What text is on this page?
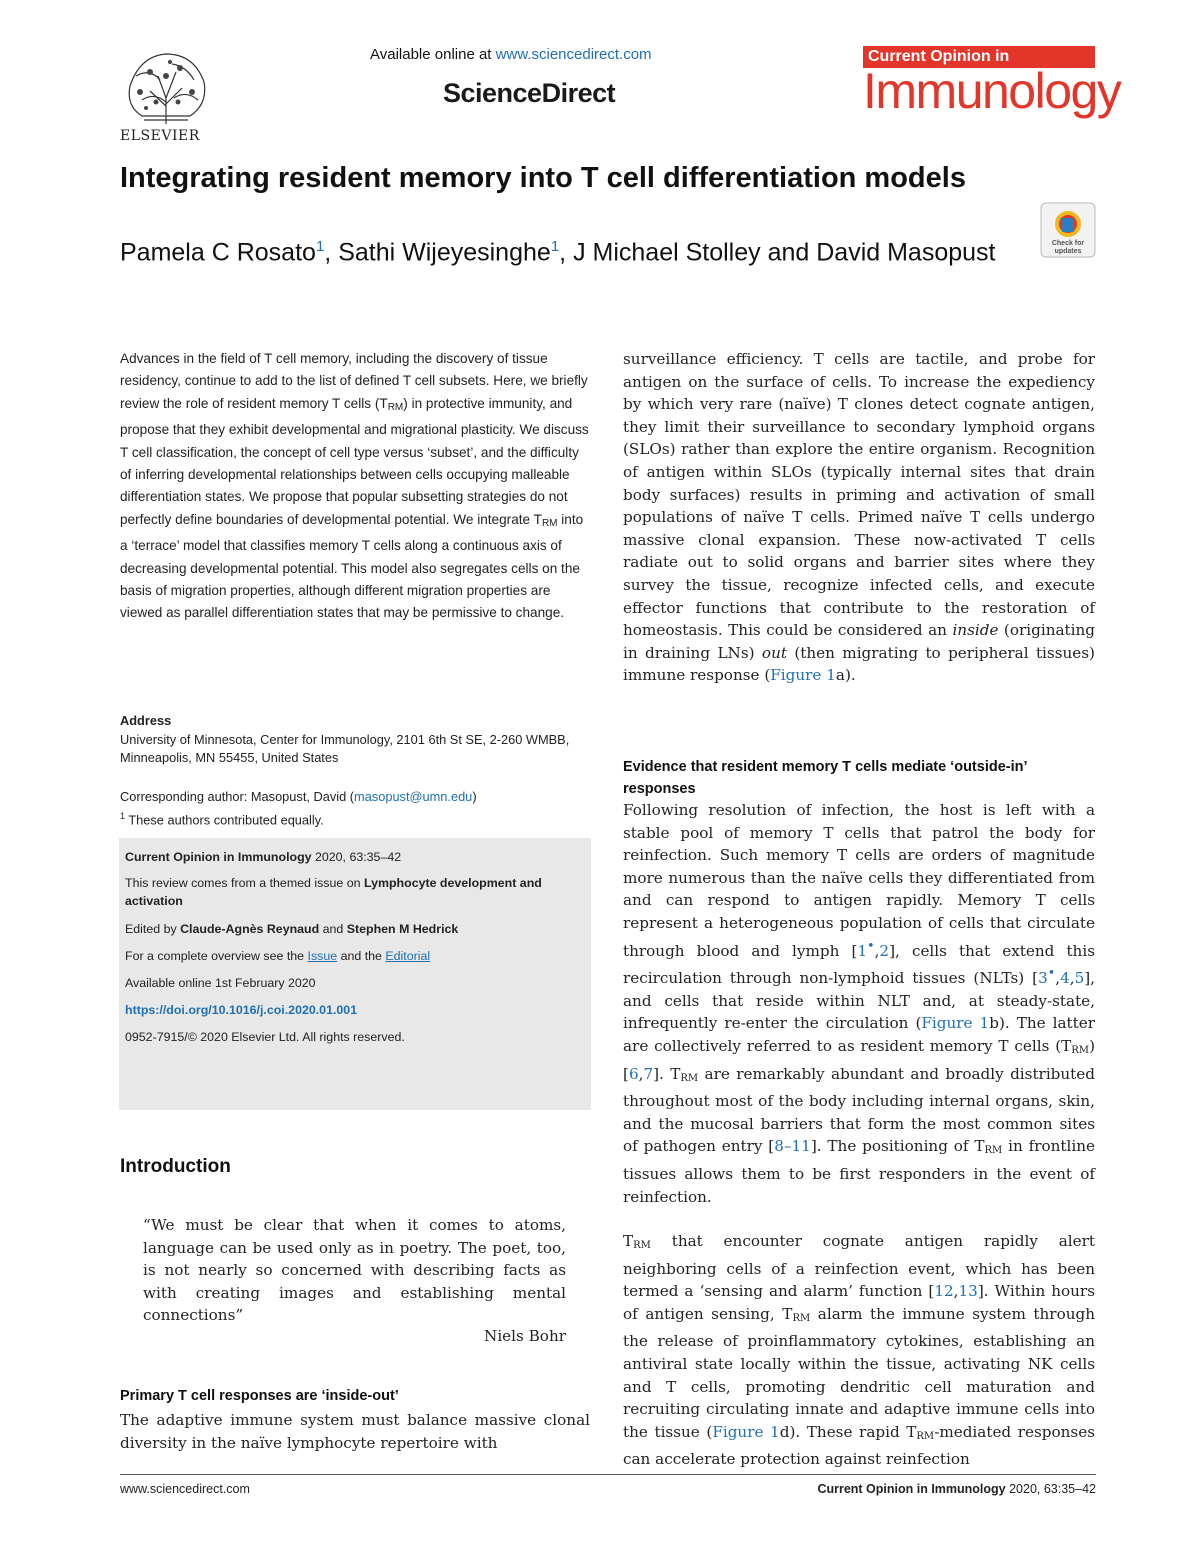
ELSEVIER
Available online at www.sciencedirect.com
ScienceDirect
Current Opinion in
Immunology
Integrating resident memory into T cell differentiation models
Pamela C Rosato$^1$, Sathi Wijeyesinghe$^1$, J Michael Stolley and David Masopust	Check for updates
Advances in the field of T cell memory, including the discovery of tissue residency, continue to add to the list of defined T cell subsets. Here, we briefly review the role of resident memory T cells $(T_{RM})$ in protective immunity, and propose that they exhibit developmental and migrational plasticity. We discuss T cell classification, the concept of cell type versus ‘subset’, and the difficulty of inferring developmental relationships between cells occupying malleable differentiation states. We propose that popular subsetting strategies do not perfectly define boundaries of developmental potential. We integrate $T_{RM}$ into a ‘terrace’ model that classifies memory T cells along a continuous axis of decreasing developmental potential. This model also segregates cells on the basis of migration properties, although different migration properties are viewed as parallel differentiation states that may be permissive to change.
Address
University of Minnesota, Center for Immunology, 2101 6th St SE, 2-260 WMBB, Minneapolis, MN 55455, United States
Corresponding author: Masopust, David (masopust@umn.edu)
$^1$ These authors contributed equally.
Current Opinion in Immunology 2020, 63:35–42
This review comes from a themed issue on Lymphocyte development and activation
Edited by Claude-Agnès Reynaud and Stephen M Hedrick
For a complete overview see the Issue and the Editorial
Available online 1st February 2020
https://doi.org/10.1016/j.coi.2020.01.001
0952-7915/© 2020 Elsevier Ltd. All rights reserved.
Introduction
“We must be clear that when it comes to atoms, language can be used only as in poetry. The poet, too, is not nearly so concerned with describing facts as with creating images and establishing mental connections”
Niels Bohr
Primary T cell responses are ‘inside-out’
The adaptive immune system must balance massive clonal diversity in the naïve lymphocyte repertoire with
surveillance efficiency. T cells are tactile, and probe for antigen on the surface of cells. To increase the expediency by which very rare (naïve) T clones detect cognate antigen, they limit their surveillance to secondary lymphoid organs (SLOs) rather than explore the entire organism. Recognition of antigen within SLOs (typically internal sites that drain body surfaces) results in priming and activation of small populations of naïve T cells. Primed naïve T cells undergo massive clonal expansion. These now-activated T cells radiate out to solid organs and barrier sites where they survey the tissue, recognize infected cells, and execute effector functions that contribute to the restoration of homeostasis. This could be considered an inside (originating in draining LNs) out (then migrating to peripheral tissues) immune response (Figure 1a).
Evidence that resident memory T cells mediate ‘outside-in’ responses
Following resolution of infection, the host is left with a stable pool of memory T cells that patrol the body for reinfection. Such memory T cells are orders of magnitude more numerous than the naïve cells they differentiated from and can respond to antigen rapidly. Memory T cells represent a heterogeneous population of cells that circulate through blood and lymph [1•,2], cells that extend this recirculation through non-lymphoid tissues (NLTs) [3•,4,5], and cells that reside within NLT and, at steady-state, infrequently re-enter the circulation (Figure 1b). The latter are collectively referred to as resident memory T cells (TRM) [6,7]. TRM are remarkably abundant and broadly distributed throughout most of the body including internal organs, skin, and the mucosal barriers that form the most common sites of pathogen entry [8–11]. The positioning of TRM in frontline tissues allows them to be first responders in the event of reinfection.
TRM that encounter cognate antigen rapidly alert neighboring cells of a reinfection event, which has been termed a ‘sensing and alarm’ function [12,13]. Within hours of antigen sensing, TRM alarm the immune system through the release of proinflammatory cytokines, establishing an antiviral state locally within the tissue, activating NK cells and T cells, promoting dendritic cell maturation and recruiting circulating innate and adaptive immune cells into the tissue (Figure 1d). These rapid TRM-mediated responses can accelerate protection against reinfection
www.sciencedirect.com	Current Opinion in Immunology 2020, 63:35–42
